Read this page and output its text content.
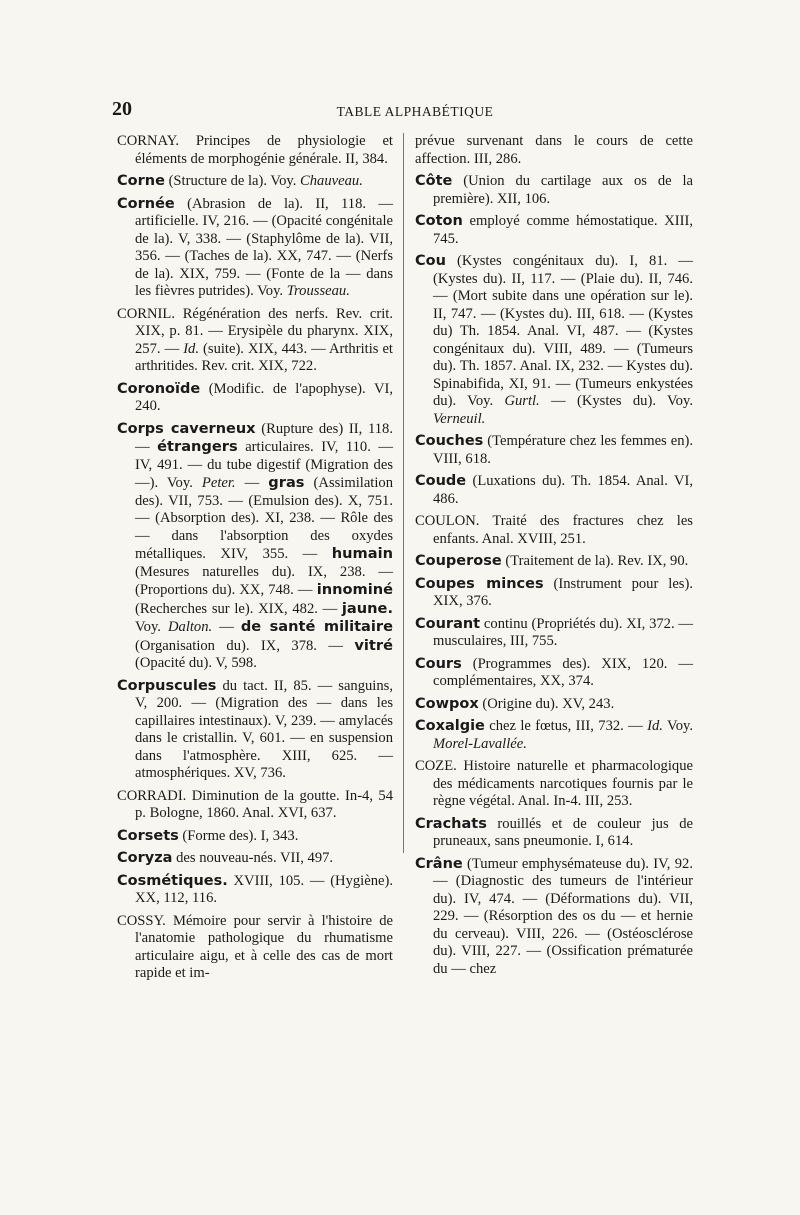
20	TABLE ALPHABÉTIQUE
CORNAY. Principes de physiologie et éléments de morphogénie générale. II, 384.
Corne (Structure de la). Voy. Chauveau.
Cornée (Abrasion de la). II, 118. — artificielle. IV, 216. — (Opacité congénitale de la). V, 338. — (Staphylôme de la). VII, 356. — (Taches de la). XX, 747. — (Nerfs de la). XIX, 759. — (Fonte de la — dans les fièvres putrides). Voy. Trousseau.
CORNIL. Régénération des nerfs. Rev. crit. XIX, p. 81. — Erysipèle du pharynx. XIX, 257. — Id. (suite). XIX, 443. — Arthritis et arthritides. Rev. crit. XIX, 722.
Coronoïde (Modific. de l'apophyse). VI, 240.
Corps caverneux (Rupture des) II, 118. — étrangers articulaires. IV, 110. — IV, 491. — du tube digestif (Migration des —). Voy. Peter. — gras (Assimilation des). VII, 753. — (Emulsion des). X, 751. — (Absorption des). XI, 238. — Rôle des — dans l'absorption des oxydes métalliques. XIV, 355. — humain (Mesures naturelles du). IX, 238. — (Proportions du). XX, 748. — innominé (Recherches sur le). XIX, 482. — jaune. Voy. Dalton. — de santé militaire (Organisation du). IX, 378. — vitré (Opacité du). V, 598.
Corpuscules du tact. II, 85. — sanguins, V, 200. — (Migration des — dans les capillaires intestinaux). V, 239. — amylacés dans le cristallin. V, 601. — en suspension dans l'atmosphère. XIII, 625. — atmosphériques. XV, 736.
CORRADI. Diminution de la goutte. In-4, 54 p. Bologne, 1860. Anal. XVI, 637.
Corsets (Forme des). I, 343.
Coryza des nouveau-nés. VII, 497.
Cosmétiques. XVIII, 105. — (Hygiène). XX, 112, 116.
COSSY. Mémoire pour servir à l'histoire de l'anatomie pathologique du rhumatisme articulaire aigu, et à celle des cas de mort rapide et im-
prévue survenant dans le cours de cette affection. III, 286.
Côte (Union du cartilage aux os de la première). XII, 106.
Coton employé comme hémostatique. XIII, 745.
Cou (Kystes congénitaux du). I, 81. — (Kystes du). II, 117. — (Plaie du). II, 746. — (Mort subite dans une opération sur le). II, 747. — (Kystes du). III, 618. — (Kystes du) Th. 1854. Anal. VI, 487. — (Kystes congénitaux du). VIII, 489. — (Tumeurs du). Th. 1857. Anal. IX, 232. — Kystes du). Spinabifida, XI, 91. — (Tumeurs enkystées du). Voy. Gurtl. — (Kystes du). Voy. Verneuil.
Couches (Température chez les femmes en). VIII, 618.
Coude (Luxations du). Th. 1854. Anal. VI, 486.
COULON. Traité des fractures chez les enfants. Anal. XVIII, 251.
Couperose (Traitement de la). Rev. IX, 90.
Coupes minces (Instrument pour les). XIX, 376.
Courant continu (Propriétés du). XI, 372. — musculaires, III, 755.
Cours (Programmes des). XIX, 120. — complémentaires, XX, 374.
Cowpox (Origine du). XV, 243.
Coxalgie chez le fœtus, III, 732. — Id. Voy. Morel-Lavallée.
COZE. Histoire naturelle et pharmacologique des médicaments narcotiques fournis par le règne végétal. Anal. In-4. III, 253.
Crachats rouillés et de couleur jus de pruneaux, sans pneumonie. I, 614.
Crâne (Tumeur emphysémateuse du). IV, 92. — (Diagnostic des tumeurs de l'intérieur du). IV, 474. — (Déformations du). VII, 229. — (Résorption des os du — et hernie du cerveau). VIII, 226. — (Ostéosclérose du). VIII, 227. — (Ossification prématurée du — chez
